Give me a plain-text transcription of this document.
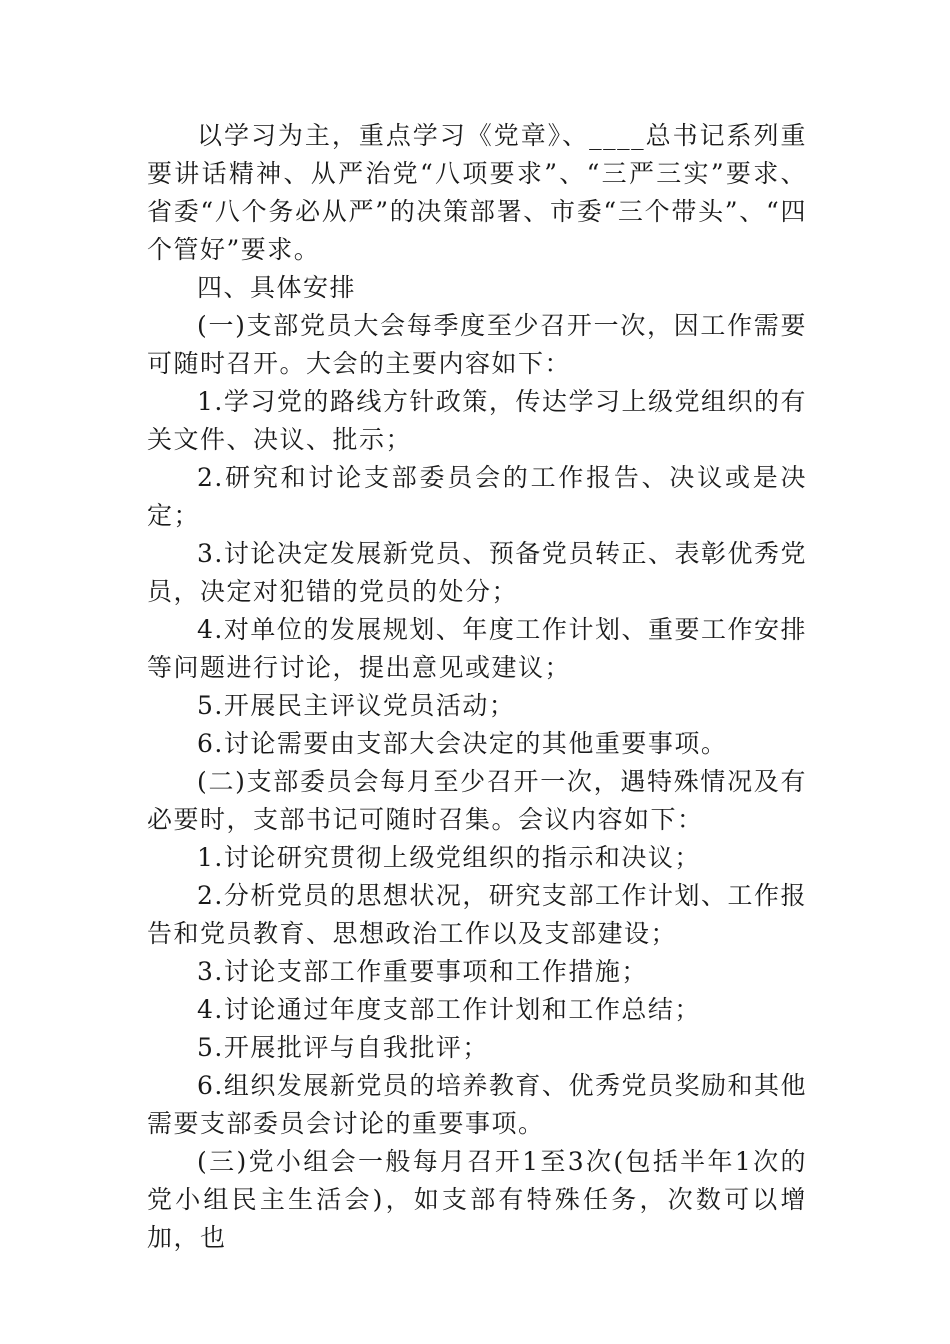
以学习为主，重点学习《党章》、____总书记系列重要讲话精神、从严治党“八项要求”、“三严三实”要求、省委“八个务必从严”的决策部署、市委“三个带头”、“四个管好”要求。

四、具体安排

(一)支部党员大会每季度至少召开一次，因工作需要可随时召开。大会的主要内容如下：

1.学习党的路线方针政策，传达学习上级党组织的有关文件、决议、批示；

2.研究和讨论支部委员会的工作报告、决议或是决定；

3.讨论决定发展新党员、预备党员转正、表彰优秀党员，决定对犯错的党员的处分；

4.对单位的发展规划、年度工作计划、重要工作安排等问题进行讨论，提出意见或建议；

5.开展民主评议党员活动；

6.讨论需要由支部大会决定的其他重要事项。

(二)支部委员会每月至少召开一次，遇特殊情况及有必要时，支部书记可随时召集。会议内容如下：

1.讨论研究贯彻上级党组织的指示和决议；

2.分析党员的思想状况，研究支部工作计划、工作报告和党员教育、思想政治工作以及支部建设；

3.讨论支部工作重要事项和工作措施；

4.讨论通过年度支部工作计划和工作总结；

5.开展批评与自我批评；

6.组织发展新党员的培养教育、优秀党员奖励和其他需要支部委员会讨论的重要事项。

(三)党小组会一般每月召开1至3次(包括半年1次的党小组民主生活会)，如支部有特殊任务，次数可以增加，也
